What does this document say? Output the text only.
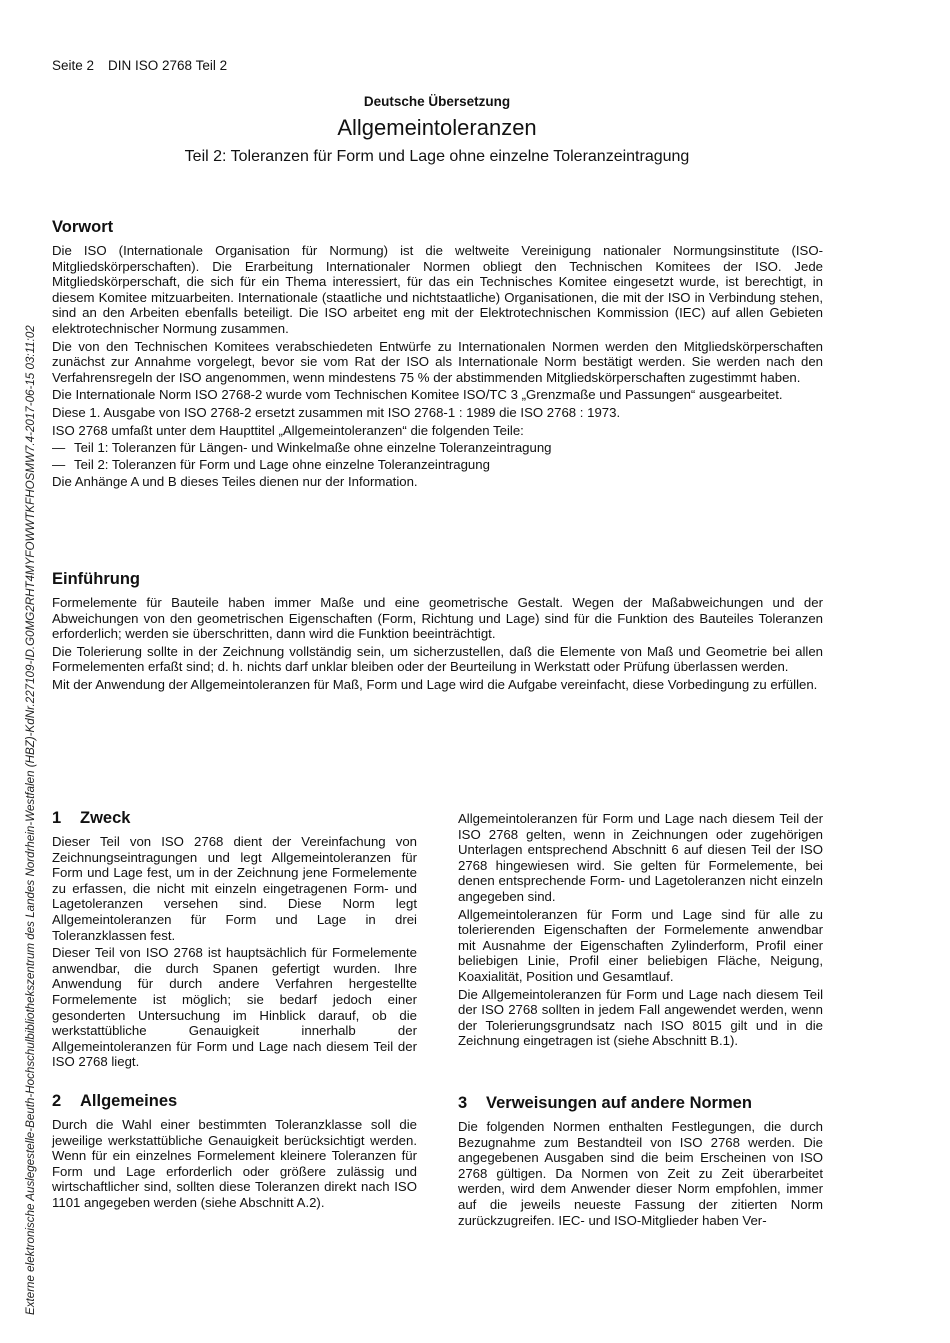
Externe elektronische Auslegestelle-Beuth-Hochschulbibliothekszentrum des Landes Nordrhein-Westfalen (HBZ)-KdNr.227109-ID.G0MG2RHT4MYFOWWTKFHOSMW7.4-2017-06-15 03:11:02
Seite 2 DIN ISO 2768 Teil 2
Deutsche Übersetzung
Allgemeintoleranzen
Teil 2: Toleranzen für Form und Lage ohne einzelne Toleranzeintragung
Vorwort

Die ISO (Internationale Organisation für Normung) ist die weltweite Vereinigung nationaler Normungsinstitute (ISO-Mitgliedskörperschaften). Die Erarbeitung Internationaler Normen obliegt den Technischen Komitees der ISO. Jede Mitgliedskörperschaft, die sich für ein Thema interessiert, für das ein Technisches Komitee eingesetzt wurde, ist berechtigt, in diesem Komitee mitzuarbeiten. Internationale (staatliche und nichtstaatliche) Organisationen, die mit der ISO in Verbindung stehen, sind an den Arbeiten ebenfalls beteiligt. Die ISO arbeitet eng mit der Elektrotechnischen Kommission (IEC) auf allen Gebieten elektrotechnischer Normung zusammen.

Die von den Technischen Komitees verabschiedeten Entwürfe zu Internationalen Normen werden den Mitgliedskörperschaften zunächst zur Annahme vorgelegt, bevor sie vom Rat der ISO als Internationale Norm bestätigt werden. Sie werden nach den Verfahrensregeln der ISO angenommen, wenn mindestens 75 % der abstimmenden Mitgliedskörperschaften zugestimmt haben.

Die Internationale Norm ISO 2768-2 wurde vom Technischen Komitee ISO/TC 3 „Grenzmaße und Passungen“ ausgearbeitet.

Diese 1. Ausgabe von ISO 2768-2 ersetzt zusammen mit ISO 2768-1 : 1989 die ISO 2768 : 1973.

ISO 2768 umfaßt unter dem Haupttitel „Allgemeintoleranzen“ die folgenden Teile:

— Teil 1: Toleranzen für Längen- und Winkelmaße ohne einzelne Toleranzeintragung
— Teil 2: Toleranzen für Form und Lage ohne einzelne Toleranzeintragung

Die Anhänge A und B dieses Teiles dienen nur der Information.

Einführung

Formelemente für Bauteile haben immer Maße und eine geometrische Gestalt. Wegen der Maßabweichungen und der Abweichungen von den geometrischen Eigenschaften (Form, Richtung und Lage) sind für die Funktion des Bauteiles Toleranzen erforderlich; werden sie überschritten, dann wird die Funktion beeinträchtigt.

Die Tolerierung sollte in der Zeichnung vollständig sein, um sicherzustellen, daß die Elemente von Maß und Geometrie bei allen Formelementen erfaßt sind; d. h. nichts darf unklar bleiben oder der Beurteilung in Werkstatt oder Prüfung überlassen werden.

Mit der Anwendung der Allgemeintoleranzen für Maß, Form und Lage wird die Aufgabe vereinfacht, diese Vorbedingung zu erfüllen.

1 Zweck

Dieser Teil von ISO 2768 dient der Vereinfachung von Zeichnungseintragungen und legt Allgemeintoleranzen für Form und Lage fest, um in der Zeichnung jene Formelemente zu erfassen, die nicht mit einzeln eingetragenen Form- und Lagetoleranzen versehen sind. Diese Norm legt Allgemeintoleranzen für Form und Lage in drei Toleranzklassen fest.

Dieser Teil von ISO 2768 ist hauptsächlich für Formelemente anwendbar, die durch Spanen gefertigt wurden. Ihre Anwendung für durch andere Verfahren hergestellte Formelemente ist möglich; sie bedarf jedoch einer gesonderten Untersuchung im Hinblick darauf, ob die werkstattübliche Genauigkeit innerhalb der Allgemeintoleranzen für Form und Lage nach diesem Teil der ISO 2768 liegt.

2 Allgemeines

Durch die Wahl einer bestimmten Toleranzklasse soll die jeweilige werkstattübliche Genauigkeit berücksichtigt werden. Wenn für ein einzelnes Formelement kleinere Toleranzen für Form und Lage erforderlich oder größere zulässig und wirtschaftlicher sind, sollten diese Toleranzen direkt nach ISO 1101 angegeben werden (siehe Abschnitt A.2).

Allgemeintoleranzen für Form und Lage nach diesem Teil der ISO 2768 gelten, wenn in Zeichnungen oder zugehörigen Unterlagen entsprechend Abschnitt 6 auf diesen Teil der ISO 2768 hingewiesen wird. Sie gelten für Formelemente, bei denen entsprechende Form- und Lagetoleranzen nicht einzeln angegeben sind.

Allgemeintoleranzen für Form und Lage sind für alle zu tolerierenden Eigenschaften der Formelemente anwendbar mit Ausnahme der Eigenschaften Zylinderform, Profil einer beliebigen Linie, Profil einer beliebigen Fläche, Neigung, Koaxialität, Position und Gesamtlauf.

Die Allgemeintoleranzen für Form und Lage nach diesem Teil der ISO 2768 sollten in jedem Fall angewendet werden, wenn der Tolerierungsgrundsatz nach ISO 8015 gilt und in die Zeichnung eingetragen ist (siehe Abschnitt B.1).

3 Verweisungen auf andere Normen

Die folgenden Normen enthalten Festlegungen, die durch Bezugnahme zum Bestandteil von ISO 2768 werden. Die angegebenen Ausgaben sind die beim Erscheinen von ISO 2768 gültigen. Da Normen von Zeit zu Zeit überarbeitet werden, wird dem Anwender dieser Norm empfohlen, immer auf die jeweils neueste Fassung der zitierten Norm zurückzugreifen. IEC- und ISO-Mitglieder haben Ver-
